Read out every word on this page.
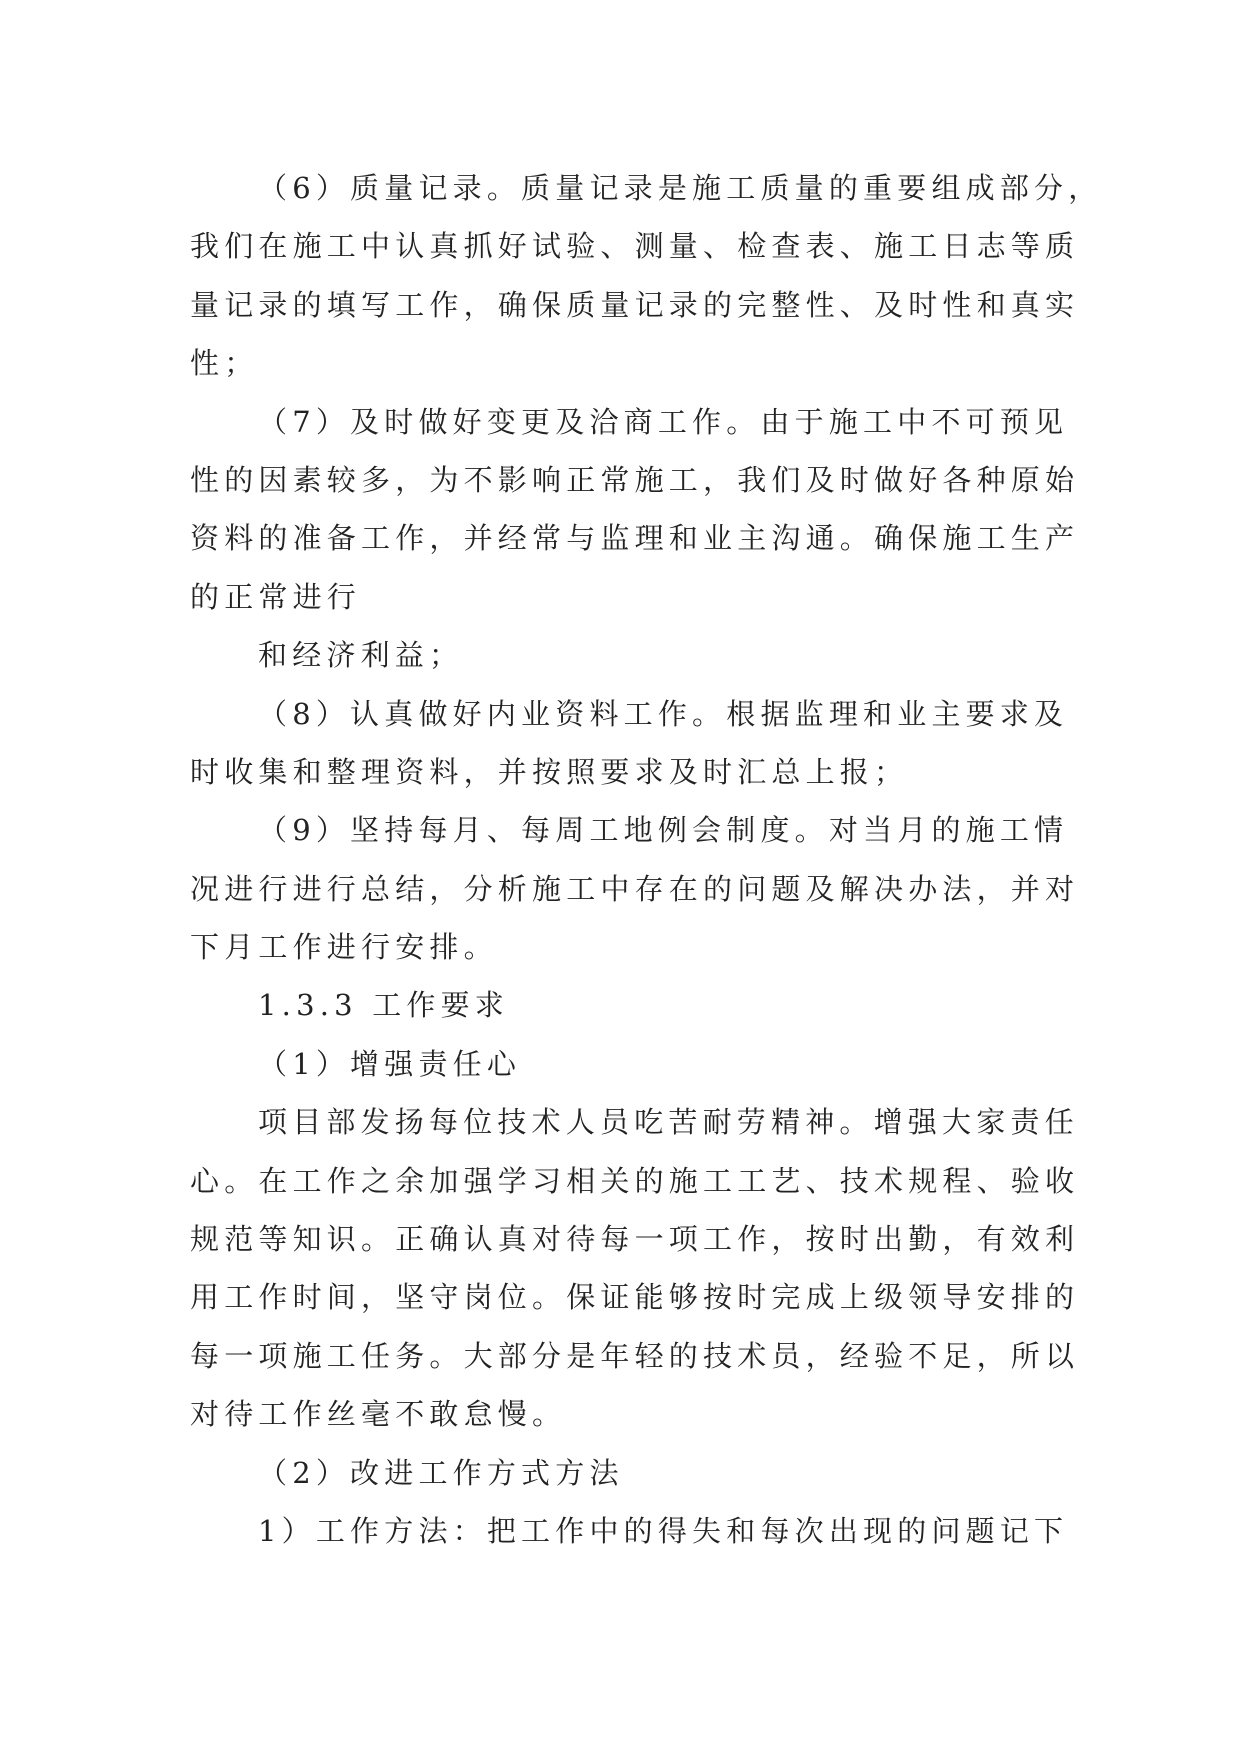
（6）质量记录。质量记录是施工质量的重要组成部分，
我们在施工中认真抓好试验、测量、检查表、施工日志等质
量记录的填写工作，确保质量记录的完整性、及时性和真实
性；
（7）及时做好变更及洽商工作。由于施工中不可预见
性的因素较多，为不影响正常施工，我们及时做好各种原始
资料的准备工作，并经常与监理和业主沟通。确保施工生产
的正常进行
和经济利益；
（8）认真做好内业资料工作。根据监理和业主要求及
时收集和整理资料，并按照要求及时汇总上报；
（9）坚持每月、每周工地例会制度。对当月的施工情
况进行进行总结，分析施工中存在的问题及解决办法，并对
下月工作进行安排。
1.3.3 工作要求
（1）增强责任心
项目部发扬每位技术人员吃苦耐劳精神。增强大家责任
心。在工作之余加强学习相关的施工工艺、技术规程、验收
规范等知识。正确认真对待每一项工作，按时出勤，有效利
用工作时间，坚守岗位。保证能够按时完成上级领导安排的
每一项施工任务。大部分是年轻的技术员，经验不足，所以
对待工作丝毫不敢怠慢。
（2）改进工作方式方法
1）工作方法：把工作中的得失和每次出现的问题记下
